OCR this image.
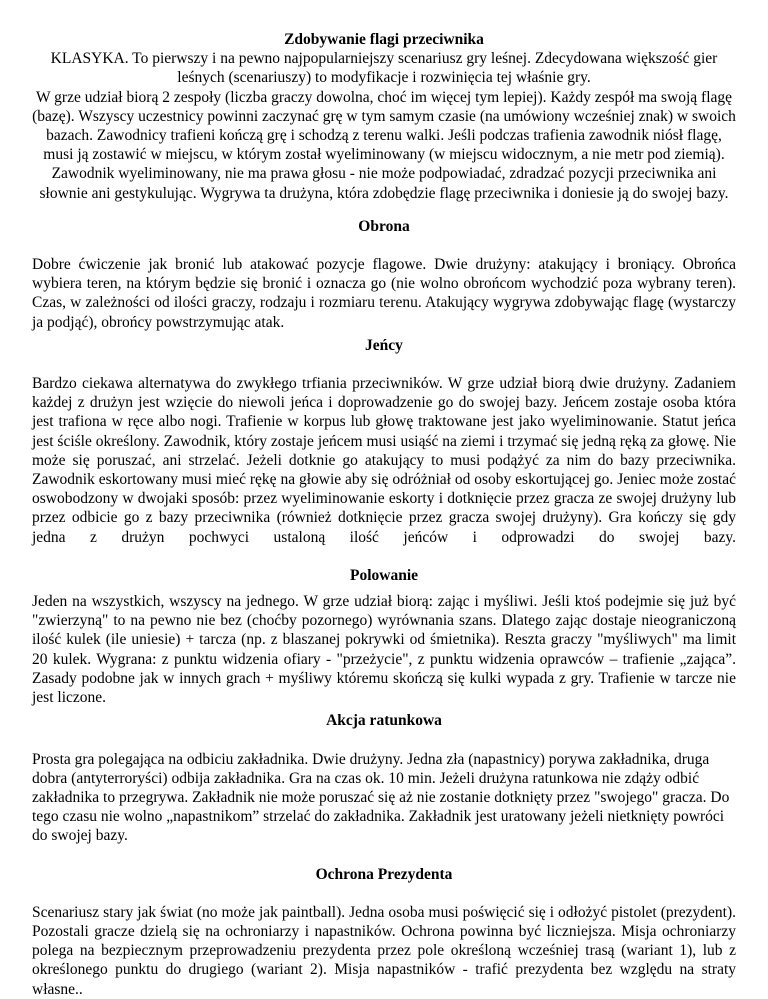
Zdobywanie flagi przeciwnika

KLASYKA. To pierwszy i na pewno najpopularniejszy scenariusz gry leśnej. Zdecydowana większość gier leśnych (scenariuszy) to modyfikacje i rozwinięcia tej właśnie gry.

W grze udział biorą 2 zespoły (liczba graczy dowolna, choć im więcej tym lepiej). Każdy zespół ma swoją flagę (bazę). Wszyscy uczestnicy powinni zaczynać grę w tym samym czasie (na umówiony wcześniej znak) w swoich bazach. Zawodnicy trafieni kończą grę i schodzą z terenu walki. Jeśli podczas trafienia zawodnik niósł flagę, musi ją zostawić w miejscu, w którym został wyeliminowany (w miejscu widocznym, a nie metr pod ziemią). Zawodnik wyeliminowany, nie ma prawa głosu - nie może podpowiadać, zdradzać pozycji przeciwnika ani słownie ani gestykulując. Wygrywa ta drużyna, która zdobędzie flagę przeciwnika i doniesie ją do swojej bazy.

Obrona

Dobre ćwiczenie jak bronić lub atakować pozycje flagowe. Dwie drużyny: atakujący i broniący. Obrońca wybiera teren, na którym będzie się bronić i oznacza go (nie wolno obrońcom wychodzić poza wybrany teren). Czas, w zależności od ilości graczy, rodzaju i rozmiaru terenu. Atakujący wygrywa zdobywając flagę (wystarczy ja podjąć), obrońcy powstrzymując atak.

Jeńcy

Bardzo ciekawa alternatywa do zwykłego trfiania przeciwników. W grze udział biorą dwie drużyny. Zadaniem każdej z drużyn jest wzięcie do niewoli jeńca i doprowadzenie go do swojej bazy. Jeńcem zostaje osoba która jest trafiona w ręce albo nogi. Trafienie w korpus lub głowę traktowane jest jako wyeliminowanie. Statut jeńca jest ściśle określony. Zawodnik, który zostaje jeńcem musi usiąść na ziemi i trzymać się jedną ręką za głowę. Nie może się poruszać, ani strzelać. Jeżeli dotknie go atakujący to musi podążyć za nim do bazy przeciwnika. Zawodnik eskortowany musi mieć rękę na głowie aby się odróżniał od osoby eskortującej go. Jeniec może zostać oswobodzony w dwojaki sposób: przez wyeliminowanie eskorty i dotknięcie przez gracza ze swojej drużyny lub przez odbicie go z bazy przeciwnika (również dotknięcie przez gracza swojej drużyny). Gra kończy się gdy jedna z drużyn pochwyci ustaloną ilość jeńców i odprowadzi do swojej bazy.

Polowanie

Jeden na wszystkich, wszyscy na jednego. W grze udział biorą: zając i myśliwi. Jeśli ktoś podejmie się już być "zwierzyną" to na pewno nie bez (choćby pozornego) wyrównania szans. Dlatego zając dostaje nieograniczoną ilość kulek (ile uniesie) + tarcza (np. z blaszanej pokrywki od śmietnika). Reszta graczy "myśliwych" ma limit 20 kulek. Wygrana: z punktu widzenia ofiary - "przeżycie", z punktu widzenia oprawców – trafienie „zająca”. Zasady podobne jak w innych grach + myśliwy któremu skończą się kulki wypada z gry. Trafienie w tarcze nie jest liczone.

Akcja ratunkowa

Prosta gra polegająca na odbiciu zakładnika. Dwie drużyny. Jedna zła (napastnicy) porywa zakładnika, druga dobra (antyterroryści) odbija zakładnika. Gra na czas ok. 10 min. Jeżeli drużyna ratunkowa nie zdąży odbić zakładnika to przegrywa. Zakładnik nie może poruszać się aż nie zostanie dotknięty przez "swojego" gracza. Do tego czasu nie wolno „napastnikom” strzelać do zakładnika. Zakładnik jest uratowany jeżeli nietknięty powróci do swojej bazy.

Ochrona Prezydenta

Scenariusz stary jak świat (no może jak paintball). Jedna osoba musi poświęcić się i odłożyć pistolet (prezydent). Pozostali gracze dzielą się na ochroniarzy i napastników. Ochrona powinna być liczniejsza. Misja ochroniarzy polega na bezpiecznym przeprowadzeniu prezydenta przez pole określoną wcześniej trasą (wariant 1), lub z określonego punktu do drugiego (wariant 2). Misja napastników - trafić prezydenta bez względu na straty własne..
